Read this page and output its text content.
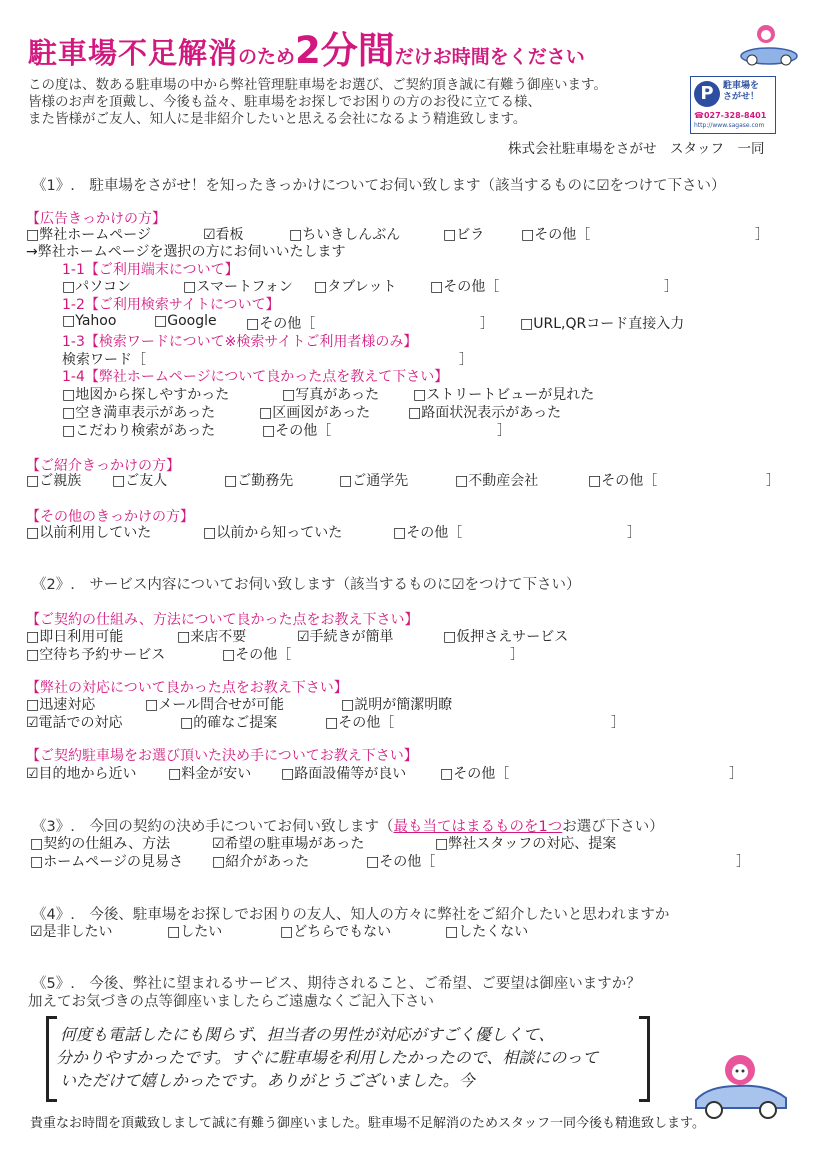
駐車場不足解消のため2分間だけお時間をください
この度は、数ある駐車場の中から弊社管理駐車場をお選び、ご契約頂き誠に有難う御座います。
皆様のお声を頂戴し、今後も益々、駐車場をお探しでお困りの方のお役に立てる様、
また皆様がご友人、知人に是非紹介したいと思える会社になるよう精進致します。
P	駐車場を
さがせ！
☎027-328-8401
http://www.sagase.com
株式会社駐車場をさがせ　スタッフ　一同
《1》.　駐車場をさがせ！を知ったきっかけについてお伺い致します（該当するものに☑をつけて下さい）
【広告きっかけの方】
□弊社ホームページ	☑看板	□ちいきしんぶん	□ビラ	□その他［	］
→弊社ホームページを選択の方にお伺いいたします
1-1【ご利用端末について】
□パソコン	□スマートフォン □タブレット □その他［	］
1-2【ご利用検索サイトについて】
□Yahoo	□Google □その他［	］ □URL,QRコード直接入力
1-3【検索ワードについて※検索サイトご利用者様のみ】
検索ワード［	］
1-4【弊社ホームページについて良かった点を教えて下さい】
□地図から探しやすかった	□写真があった □ストリートビューが見れた
□空き満車表示があった	□区画図があった	□路面状況表示があった
□こだわり検索があった	□その他［	］
【ご紹介きっかけの方】
□ご親族 □ご友人	□ご勤務先	□ご通学先	□不動産会社	□その他［	］
【その他のきっかけの方】
□以前利用していた	□以前から知っていた	□その他［	］
《2》.　サービス内容についてお伺い致します（該当するものに☑をつけて下さい）
【ご契約の仕組み、方法について良かった点をお教え下さい】
□即日利用可能	□来店不要	☑手続きが簡単	□仮押さえサービス
□空待ち予約サービス	□その他［	］
【弊社の対応について良かった点をお教え下さい】
□迅速対応	□メール問合せが可能	□説明が簡潔明瞭
☑電話での対応	□的確なご提案	□その他［	］
【ご契約駐車場をお選び頂いた決め手についてお教え下さい】
☑目的地から近い □料金が安い □路面設備等が良い □その他［	］
《3》.　今回の契約の決め手についてお伺い致します（最も当てはまるものを1つお選び下さい）
□契約の仕組み、方法	☑希望の駐車場があった	□弊社スタッフの対応、提案
□ホームページの見易さ □紹介があった	□その他［	］
《4》.　今後、駐車場をお探しでお困りの友人、知人の方々に弊社をご紹介したいと思われますか
☑是非したい	□したい	□どちらでもない	□したくない
《5》.　今後、弊社に望まれるサービス、期待されること、ご希望、ご要望は御座いますか？
加えてお気づきの点等御座いましたらご遠慮なくご記入下さい
何度も電話したにも関らず、担当者の男性が対応がすごく優しくて、
分かりやすかったです。すぐに駐車場を利用したかったので、相談にのって
いただけて嬉しかったです。ありがとうございました。今
貴重なお時間を頂戴致しまして誠に有難う御座いました。駐車場不足解消のためスタッフ一同今後も精進致します。
